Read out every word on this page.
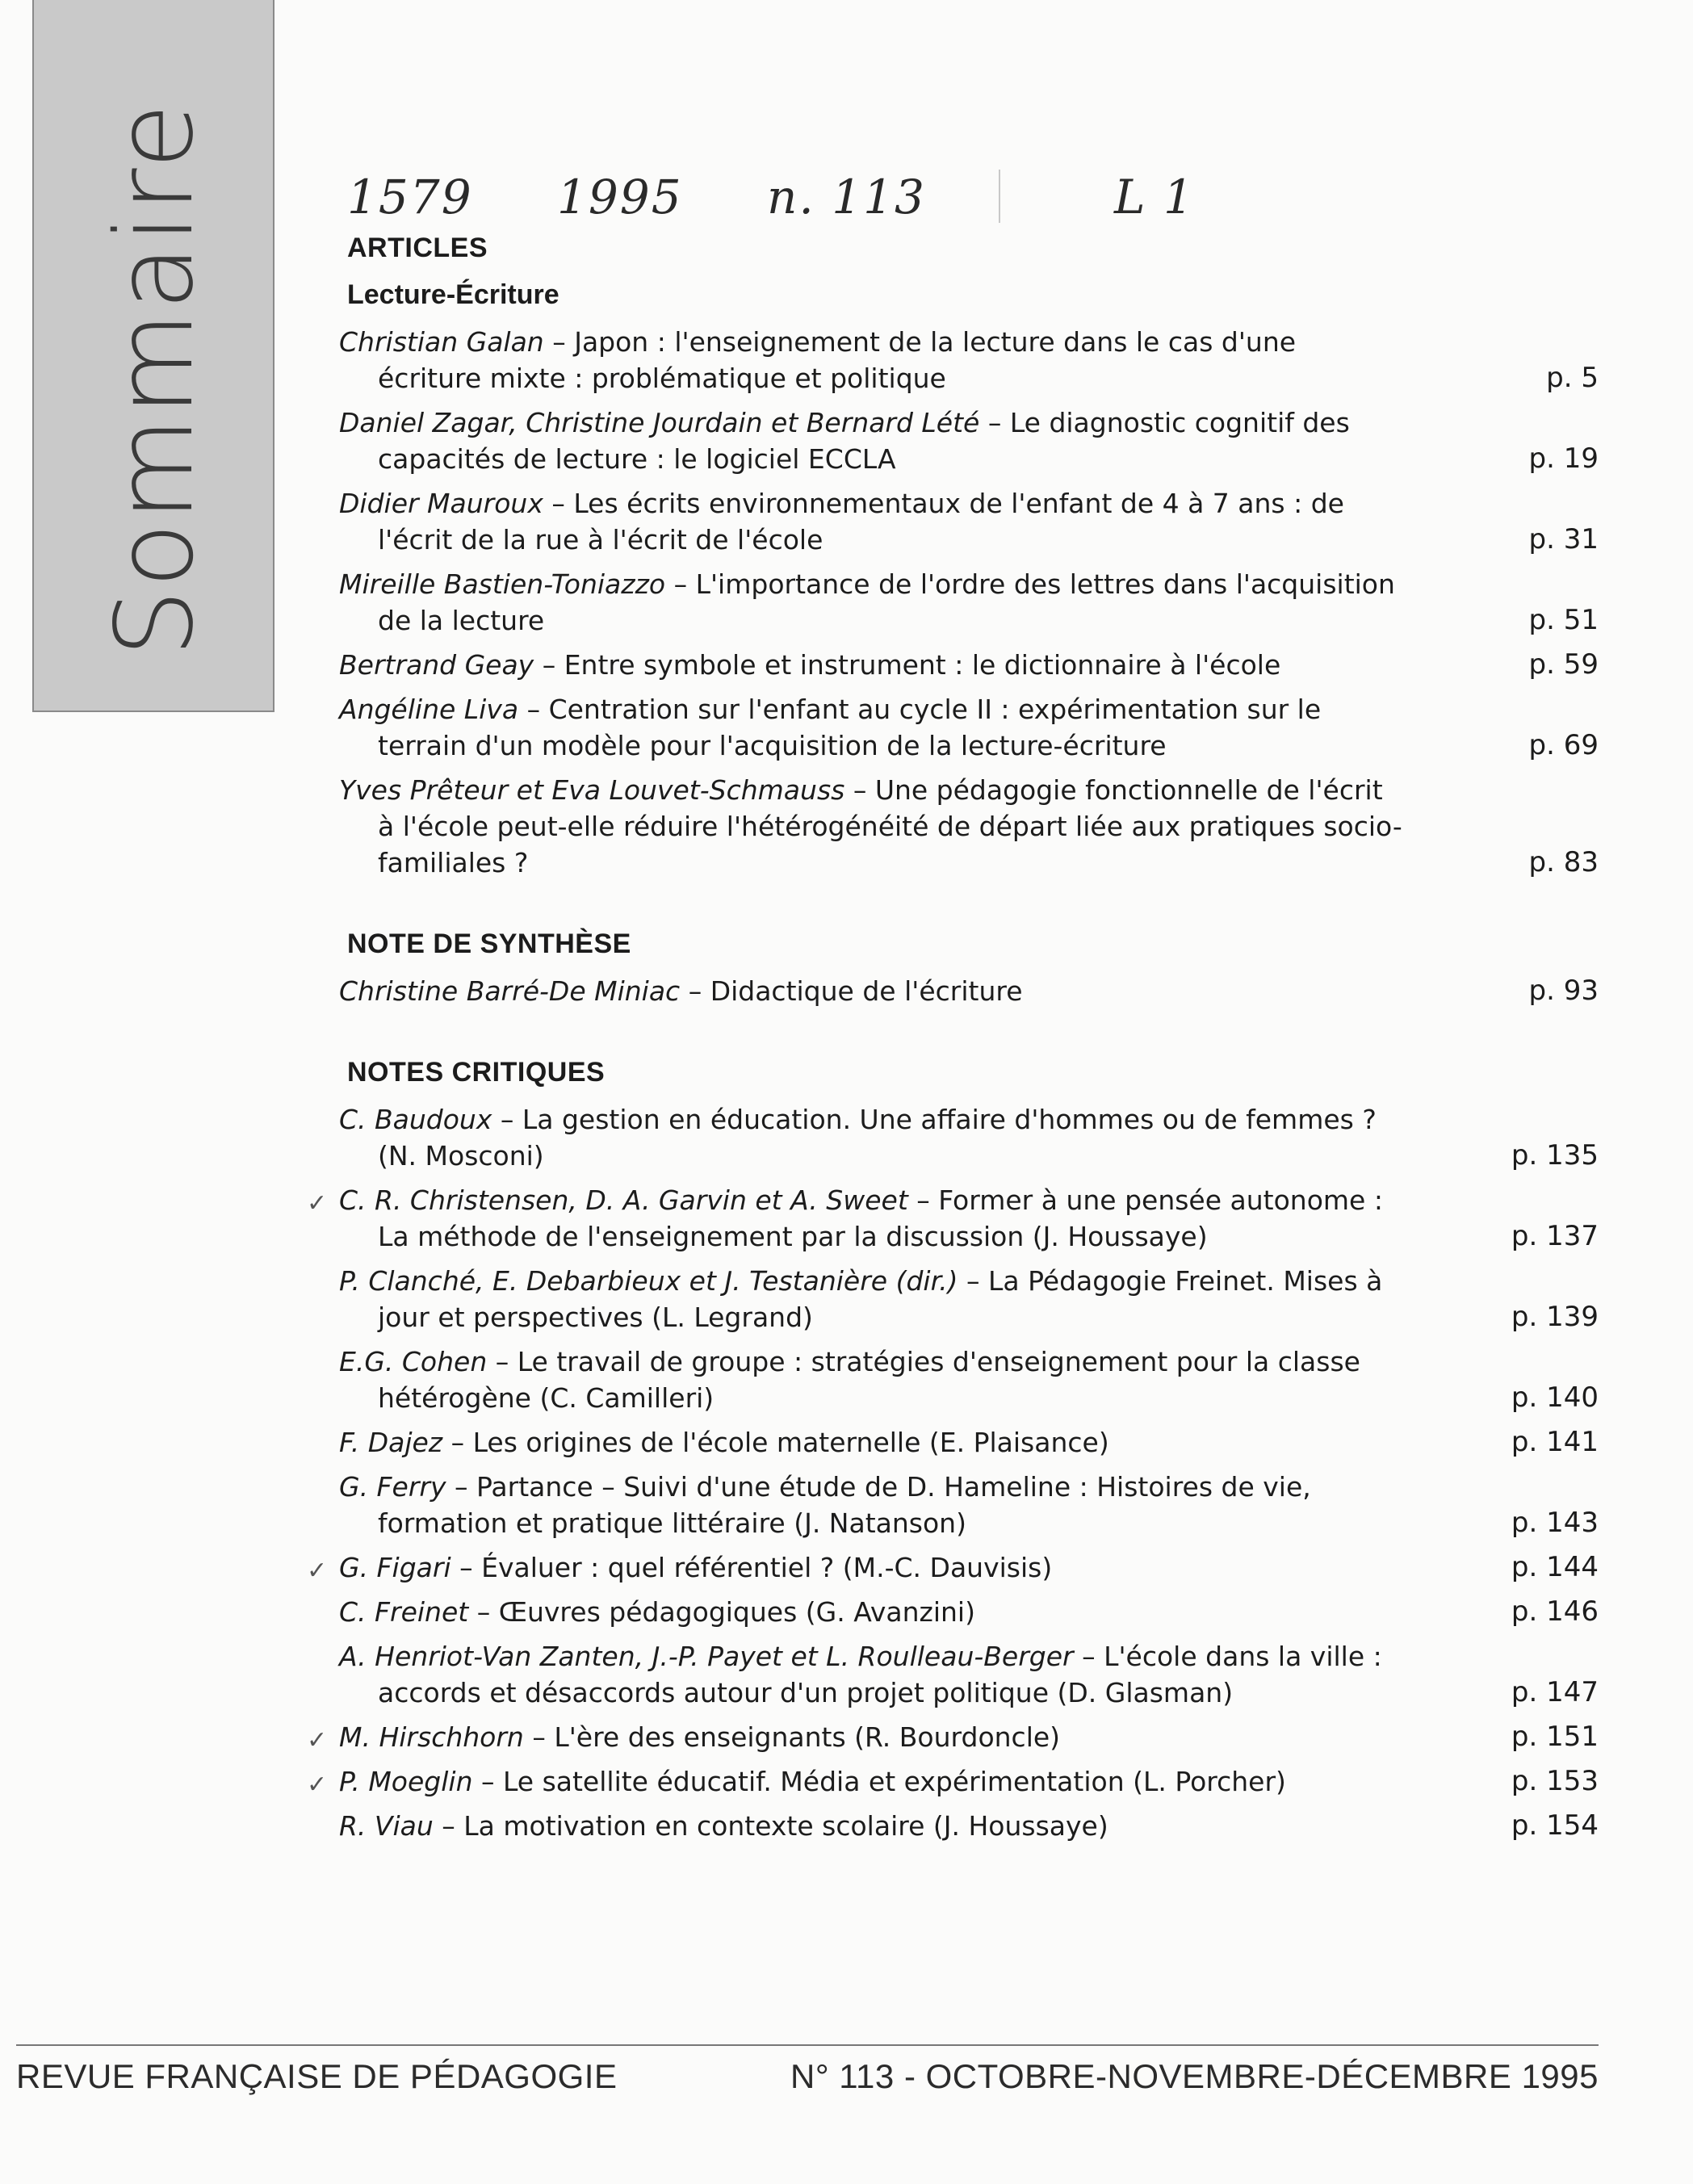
Sommaire	1579 1995 n. 113	L 1
ARTICLES
Lecture-Écriture
Christian Galan – Japon : l'enseignement de la lecture dans le cas d'une écriture mixte : problématique et politique	p. 5
Daniel Zagar, Christine Jourdain et Bernard Lété – Le diagnostic cognitif des capacités de lecture : le logiciel ECCLA	p. 19
Didier Mauroux – Les écrits environnementaux de l'enfant de 4 à 7 ans : de l'écrit de la rue à l'écrit de l'école	p. 31
Mireille Bastien-Toniazzo – L'importance de l'ordre des lettres dans l'acquisition de la lecture	p. 51
Bertrand Geay – Entre symbole et instrument : le dictionnaire à l'école	p. 59
Angéline Liva – Centration sur l'enfant au cycle II : expérimentation sur le terrain d'un modèle pour l'acquisition de la lecture-écriture	p. 69
Yves Prêteur et Eva Louvet-Schmauss – Une pédagogie fonctionnelle de l'écrit à l'école peut-elle réduire l'hétérogénéité de départ liée aux pratiques socio-familiales ?	p. 83
NOTE DE SYNTHÈSE
Christine Barré-De Miniac – Didactique de l'écriture	p. 93
NOTES CRITIQUES
C. Baudoux – La gestion en éducation. Une affaire d'hommes ou de femmes ? (N. Mosconi)	p. 135
✓ C. R. Christensen, D. A. Garvin et A. Sweet – Former à une pensée autonome : La méthode de l'enseignement par la discussion (J. Houssaye)	p. 137
P. Clanché, E. Debarbieux et J. Testanière (dir.) – La Pédagogie Freinet. Mises à jour et perspectives (L. Legrand)	p. 139
E.G. Cohen – Le travail de groupe : stratégies d'enseignement pour la classe hétérogène (C. Camilleri)	p. 140
F. Dajez – Les origines de l'école maternelle (E. Plaisance)	p. 141
G. Ferry – Partance – Suivi d'une étude de D. Hameline : Histoires de vie, formation et pratique littéraire (J. Natanson)	p. 143
✓ G. Figari – Évaluer : quel référentiel ? (M.-C. Dauvisis)	p. 144
C. Freinet – Œuvres pédagogiques (G. Avanzini)	p. 146
A. Henriot-Van Zanten, J.-P. Payet et L. Roulleau-Berger – L'école dans la ville : accords et désaccords autour d'un projet politique (D. Glasman)	p. 147
✓ M. Hirschhorn – L'ère des enseignants (R. Bourdoncle)	p. 151
✓ P. Moeglin – Le satellite éducatif. Média et expérimentation (L. Porcher)	p. 153
R. Viau – La motivation en contexte scolaire (J. Houssaye)	p. 154
REVUE FRANÇAISE DE PÉDAGOGIE	N° 113 - OCTOBRE-NOVEMBRE-DÉCEMBRE 1995
